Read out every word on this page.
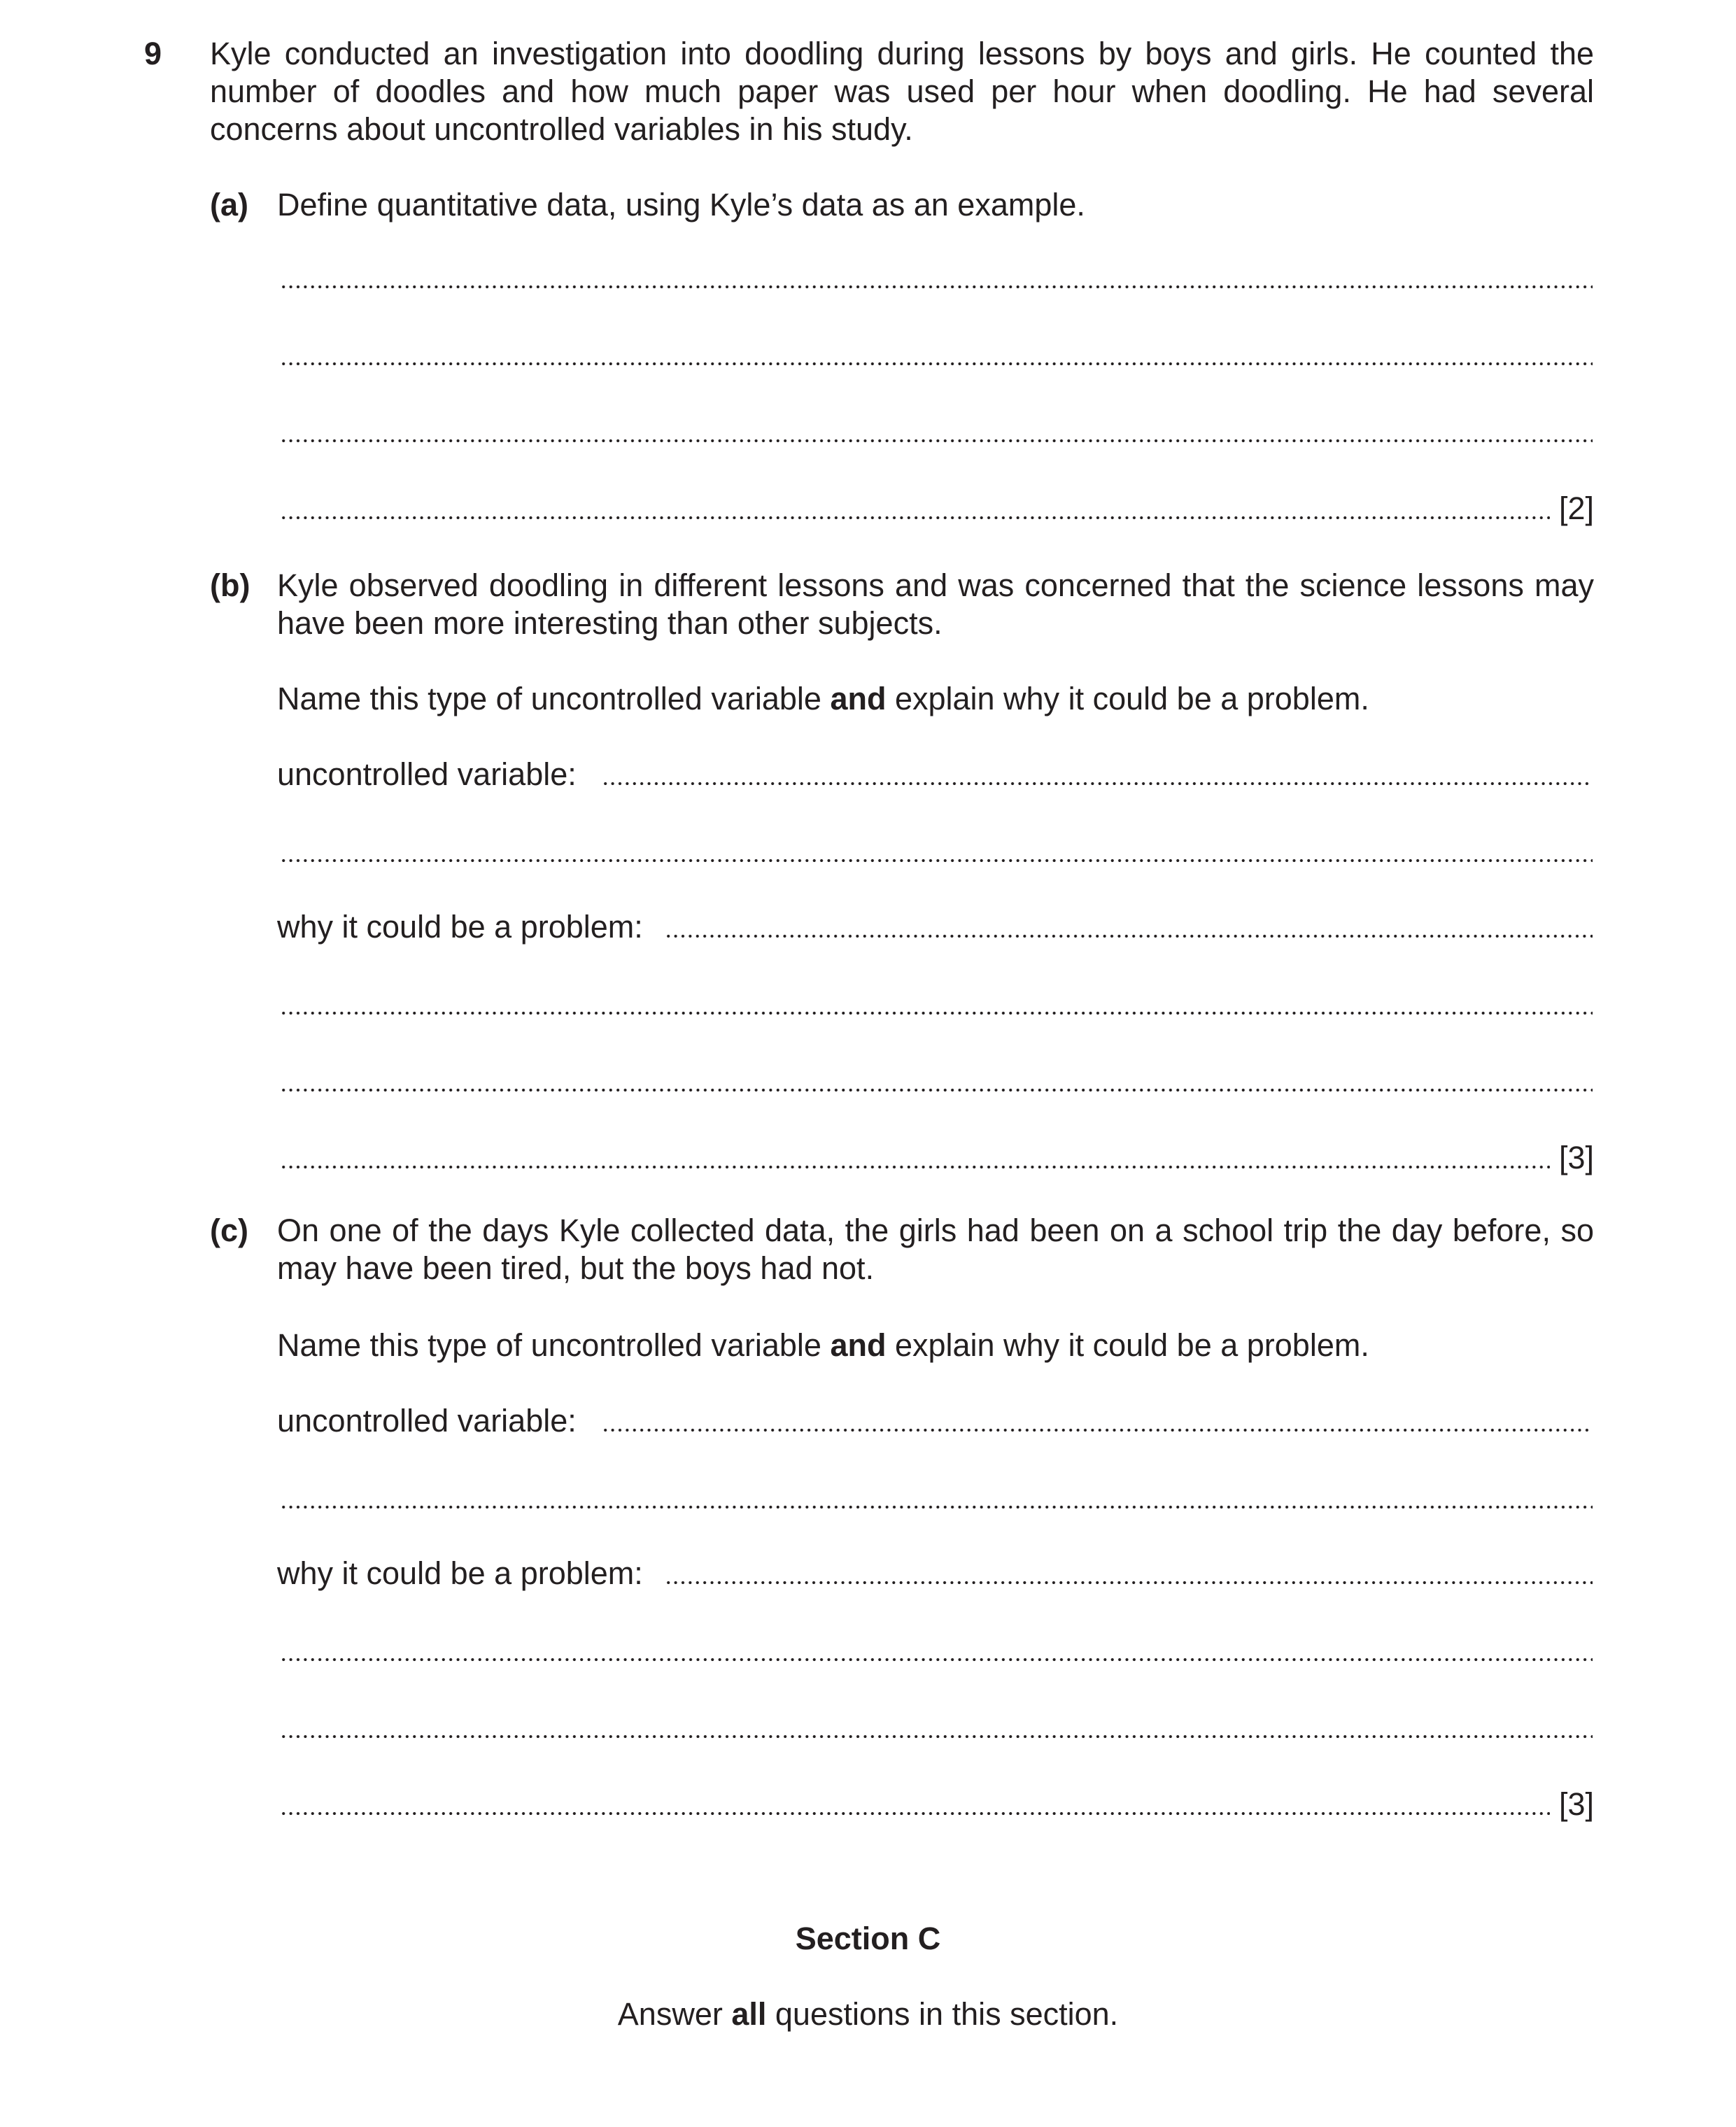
9 Kyle conducted an investigation into doodling during lessons by boys and girls. He counted the number of doodles and how much paper was used per hour when doodling. He had several concerns about uncontrolled variables in his study.
(a) Define quantitative data, using Kyle’s data as an example.
[2]
(b) Kyle observed doodling in different lessons and was concerned that the science lessons may have been more interesting than other subjects.
Name this type of uncontrolled variable and explain why it could be a problem.
uncontrolled variable:
why it could be a problem:
[3]
(c) On one of the days Kyle collected data, the girls had been on a school trip the day before, so may have been tired, but the boys had not.
Name this type of uncontrolled variable and explain why it could be a problem.
uncontrolled variable:
why it could be a problem:
[3]
Section C
Answer all questions in this section.
